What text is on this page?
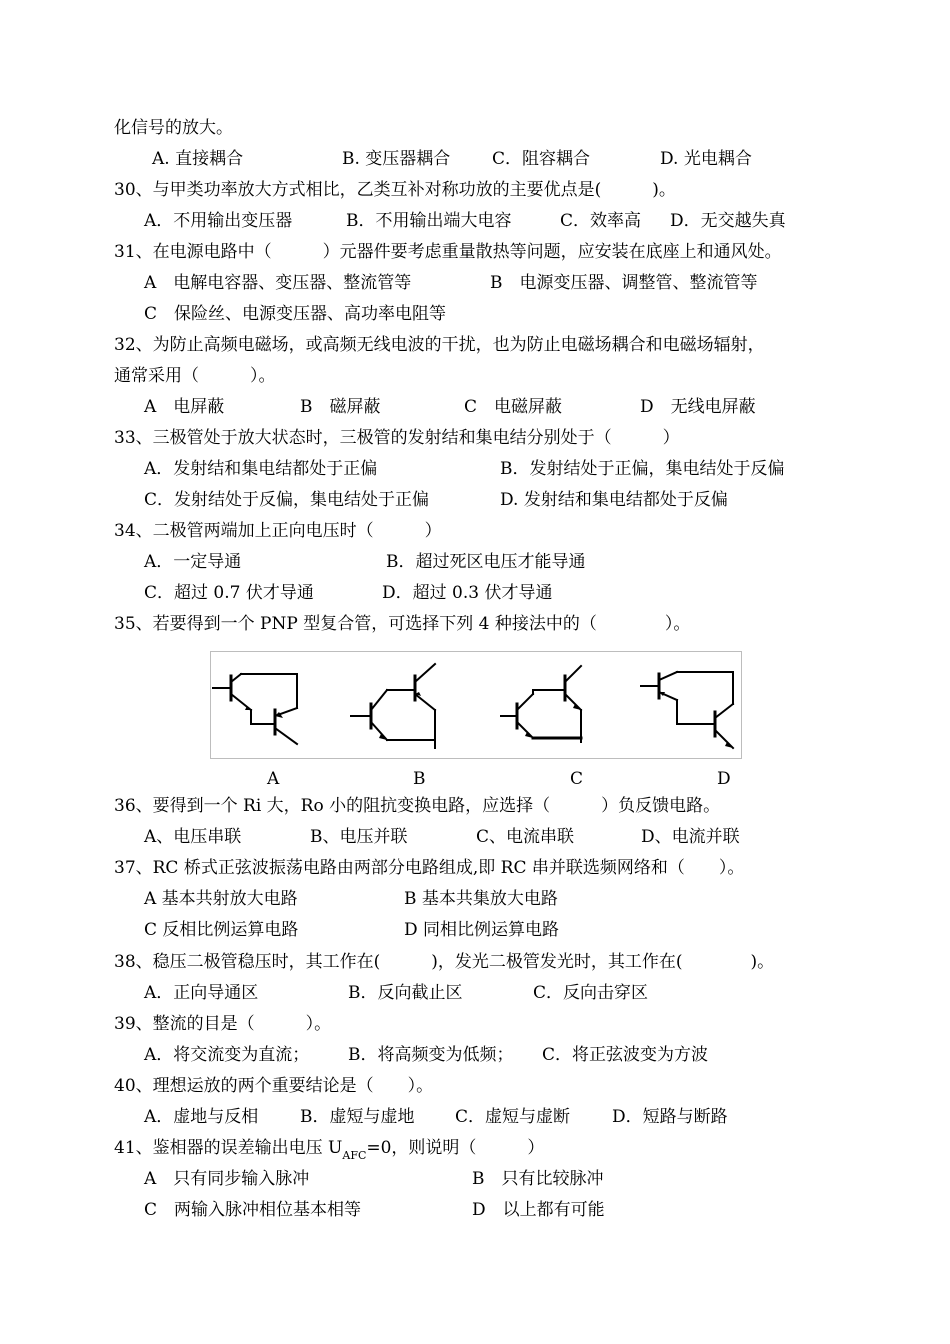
化信号的放大。
A. 直接耦合	B. 变压器耦合 C．阻容耦合	D. 光电耦合
30、与甲类功率放大方式相比，乙类互补对称功放的主要优点是(　　　)。
A．不用输出变压器	B．不用输出端大电容	C．效率高 D．无交越失真
31、在电源电路中（　　　）元器件要考虑重量散热等问题，应安装在底座上和通风处。
A　电解电容器、变压器、整流管等	B　电源变压器、调整管、整流管等
C　保险丝、电源变压器、高功率电阻等
32、为防止高频电磁场，或高频无线电波的干扰，也为防止电磁场耦合和电磁场辐射，
通常采用（　　　）。
A　电屏蔽	B　磁屏蔽	C　电磁屏蔽	D　无线电屏蔽
33、三极管处于放大状态时，三极管的发射结和集电结分别处于（　　　）
A．发射结和集电结都处于正偏	B．发射结处于正偏，集电结处于反偏
C．发射结处于反偏，集电结处于正偏	D. 发射结和集电结都处于反偏
34、二极管两端加上正向电压时（　　　）
A．一定导通	B．超过死区电压才能导通
C．超过 0.7 伏才导通	D．超过 0.3 伏才导通
35、若要得到一个 PNP 型复合管，可选择下列 4 种接法中的（　　　　）。
A	B	C	D
36、要得到一个 Ri 大，Ro 小的阻抗变换电路，应选择（　　　）负反馈电路。
A、电压串联	B、电压并联	C、电流串联	D、电流并联
37、RC 桥式正弦波振荡电路由两部分电路组成,即 RC 串并联选频网络和（　　）。
A 基本共射放大电路	B 基本共集放大电路
C 反相比例运算电路	D 同相比例运算电路
38、稳压二极管稳压时，其工作在(　　　)，发光二极管发光时，其工作在(　　　　)。
A．正向导通区	B．反向截止区	C．反向击穿区
39、整流的目是（　　　）。
A．将交流变为直流； B．将高频变为低频； C．将正弦波变为方波
40、理想运放的两个重要结论是（　　）。
A．虚地与反相 B．虚短与虚地 C．虚短与虚断 D．短路与断路
41、鉴相器的误差输出电压 $U_{AFC}=0$，则说明（　　　）
A　只有同步输入脉冲	B　只有比较脉冲
C　两输入脉冲相位基本相等	D　以上都有可能
